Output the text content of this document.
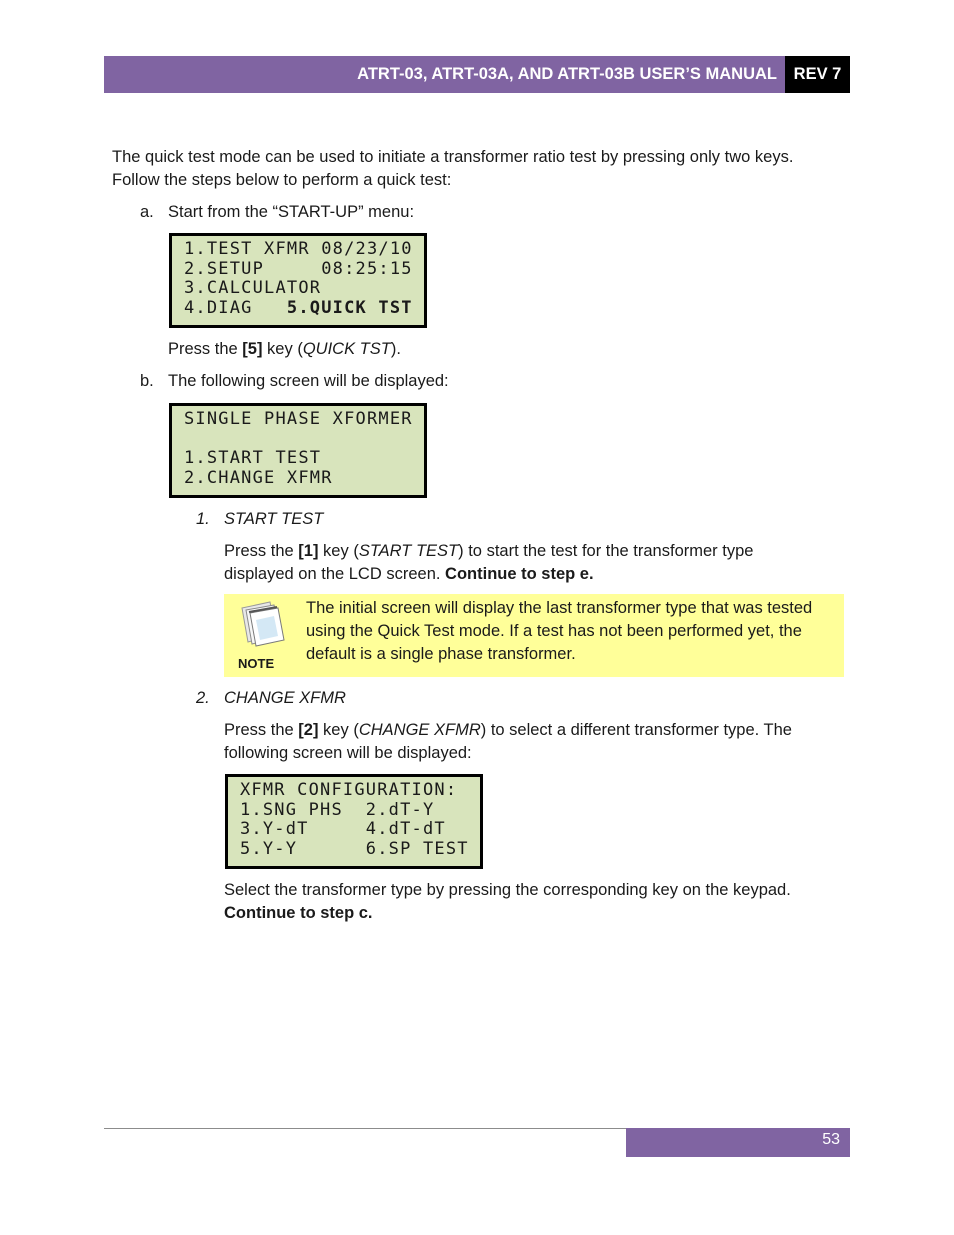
ATRT-03, ATRT-03A, AND ATRT-03B USER’S MANUAL	REV 7
The quick test mode can be used to initiate a transformer ratio test by pressing only two keys.
Follow the steps below to perform a quick test:
a. Start from the “START-UP” menu:
1.TEST XFMR 08/23/10
2.SETUP     08:25:15
3.CALCULATOR
4.DIAG   5.QUICK TST
Press the [5] key (QUICK TST).
b. The following screen will be displayed:
SINGLE PHASE XFORMER
1.START TEST
2.CHANGE XFMR
1. START TEST
Press the [1] key (START TEST) to start the test for the transformer type
displayed on the LCD screen. Continue to step e.
NOTE
The initial screen will display the last transformer type that was tested using the Quick Test mode. If a test has not been performed yet, the default is a single phase transformer.
2. CHANGE XFMR
Press the [2] key (CHANGE XFMR) to select a different transformer type. The
following screen will be displayed:
XFMR CONFIGURATION:
1.SNG PHS  2.dT-Y
3.Y-dT     4.dT-dT
5.Y-Y      6.SP TEST
Select the transformer type by pressing the corresponding key on the keypad.
Continue to step c.
53
